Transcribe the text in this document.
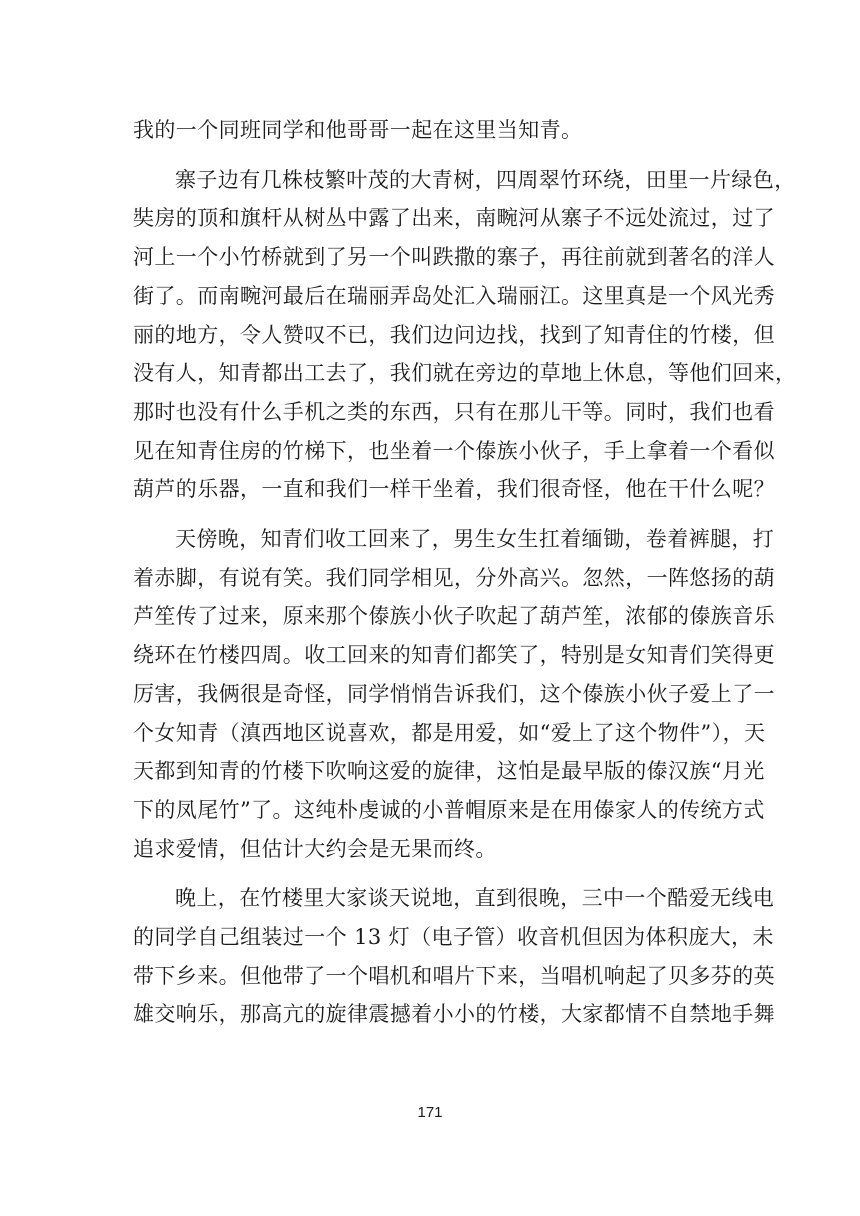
我的一个同班同学和他哥哥一起在这里当知青。

寨子边有几株枝繁叶茂的大青树，四周翠竹环绕，田里一片绿色，
奘房的顶和旗杆从树丛中露了出来，南畹河从寨子不远处流过，过了
河上一个小竹桥就到了另一个叫跌撒的寨子，再往前就到著名的洋人
街了。而南畹河最后在瑞丽弄岛处汇入瑞丽江。这里真是一个风光秀
丽的地方，令人赞叹不已，我们边问边找，找到了知青住的竹楼，但
没有人，知青都出工去了，我们就在旁边的草地上休息，等他们回来，
那时也没有什么手机之类的东西，只有在那儿干等。同时，我们也看
见在知青住房的竹梯下，也坐着一个傣族小伙子，手上拿着一个看似
葫芦的乐器，一直和我们一样干坐着，我们很奇怪，他在干什么呢？

天傍晚，知青们收工回来了，男生女生扛着缅锄，卷着裤腿，打
着赤脚，有说有笑。我们同学相见，分外高兴。忽然，一阵悠扬的葫
芦笙传了过来，原来那个傣族小伙子吹起了葫芦笙，浓郁的傣族音乐
绕环在竹楼四周。收工回来的知青们都笑了，特别是女知青们笑得更
厉害，我俩很是奇怪，同学悄悄告诉我们，这个傣族小伙子爱上了一
个女知青（滇西地区说喜欢，都是用爱，如“爱上了这个物件”），天
天都到知青的竹楼下吹响这爱的旋律，这怕是最早版的傣汉族“月光
下的凤尾竹”了。这纯朴虔诚的小普帽原来是在用傣家人的传统方式
追求爱情，但估计大约会是无果而终。

晚上，在竹楼里大家谈天说地，直到很晚，三中一个酷爱无线电
的同学自己组装过一个 13 灯（电子管）收音机但因为体积庞大，未
带下乡来。但他带了一个唱机和唱片下来，当唱机响起了贝多芬的英
雄交响乐，那高亢的旋律震撼着小小的竹楼，大家都情不自禁地手舞

171
